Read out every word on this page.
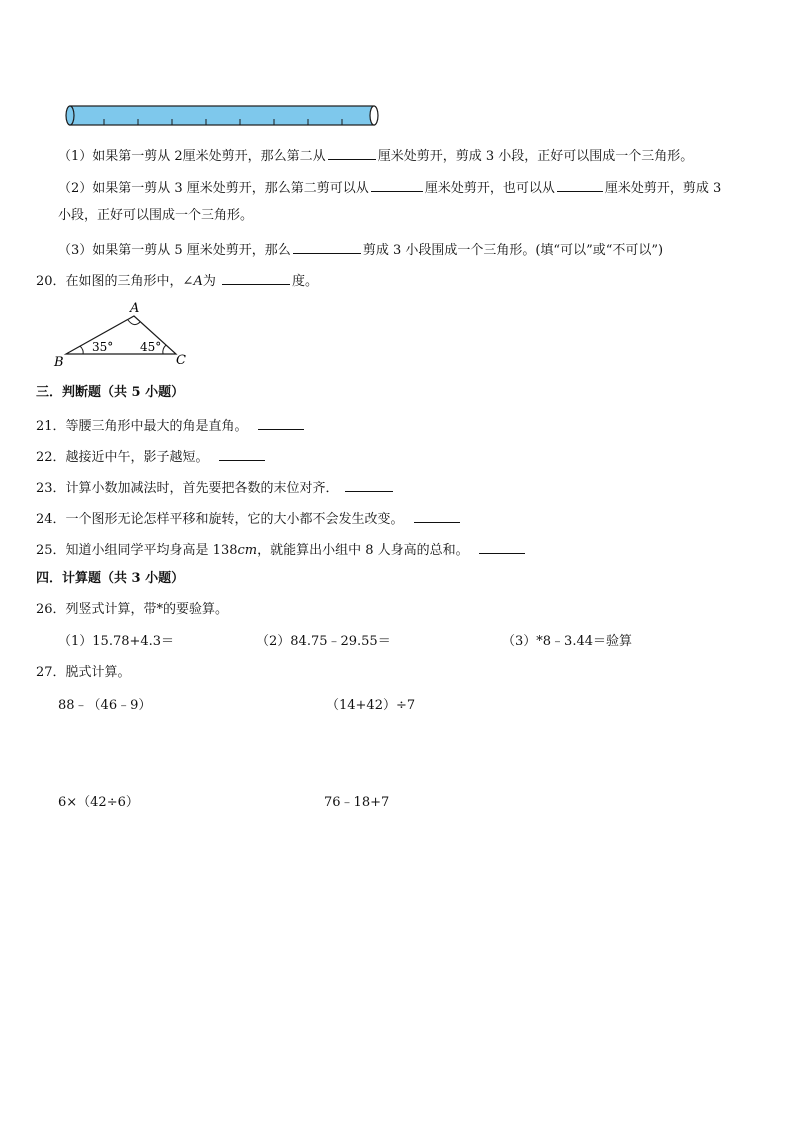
（1）如果第一剪从 2厘米处剪开，那么第二从	厘米处剪开，剪成 3 小段，正好可以围成一个三角形。
（2）如果第一剪从 3 厘米处剪开，那么第二剪可以从	厘米处剪开，也可以从	厘米处剪开，剪成 3
小段，正好可以围成一个三角形。
（3）如果第一剪从 5 厘米处剪开，那么	剪成 3 小段围成一个三角形。(填“可以”或“不可以”)
20．在如图的三角形中，∠A为	度。
A
B	C
35° 45°
三．判断题（共 5 小题）
21．等腰三角形中最大的角是直角。
22．越接近中午，影子越短。
23．计算小数加减法时，首先要把各数的末位对齐．
24．一个图形无论怎样平移和旋转，它的大小都不会发生改变。
25．知道小组同学平均身高是 138cm，就能算出小组中 8 人身高的总和。
四．计算题（共 3 小题）
26．列竖式计算，带*的要验算。
（1）15.78+4.3＝	（2）84.75﹣29.55＝	（3）*8﹣3.44＝验算
27．脱式计算。
88﹣（46﹣9）	（14+42）÷7
6×（42÷6）	76﹣18+7
